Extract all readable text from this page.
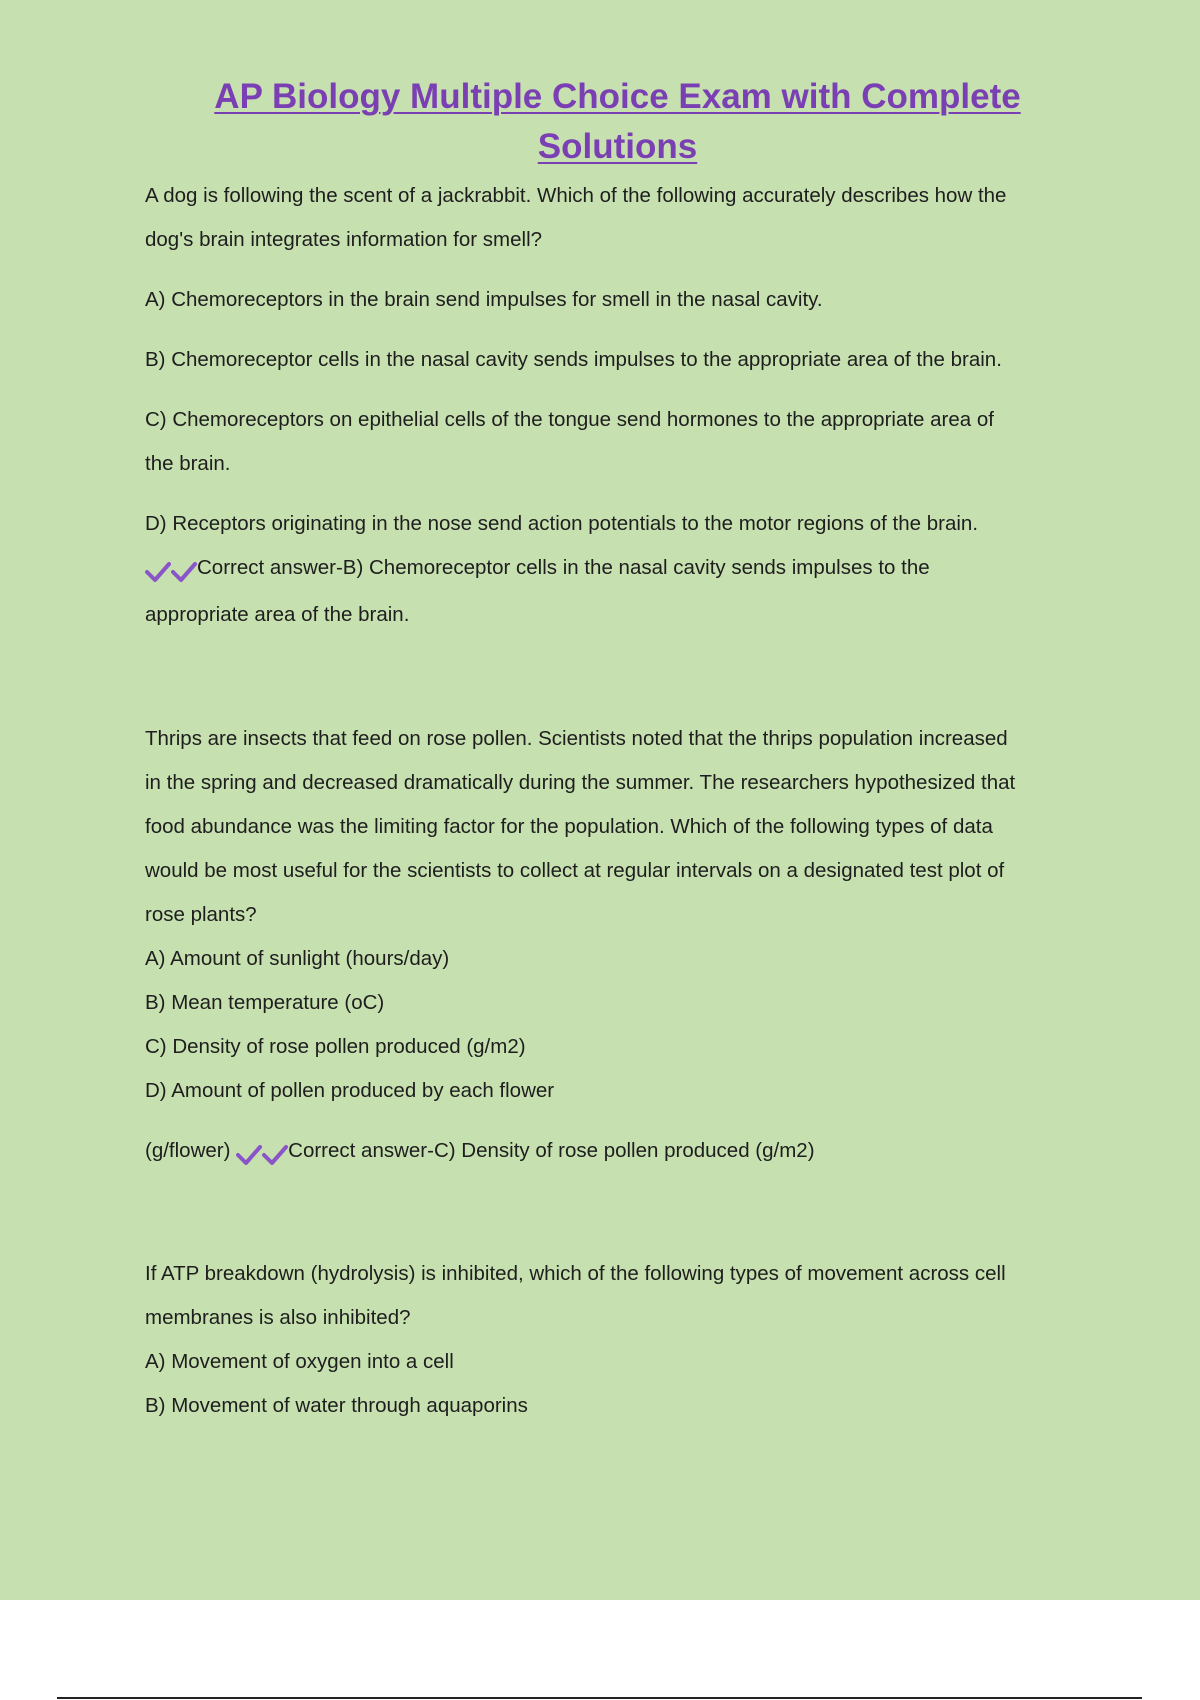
AP Biology Multiple Choice Exam with Complete
Solutions

A dog is following the scent of a jackrabbit. Which of the following accurately describes how the

dog's brain integrates information for smell?

A) Chemoreceptors in the brain send impulses for smell in the nasal cavity.

B) Chemoreceptor cells in the nasal cavity sends impulses to the appropriate area of the brain.

C) Chemoreceptors on epithelial cells of the tongue send hormones to the appropriate area of

the brain.

D) Receptors originating in the nose send action potentials to the motor regions of the brain.

Correct answer-B) Chemoreceptor cells in the nasal cavity sends impulses to the

appropriate area of the brain.

Thrips are insects that feed on rose pollen. Scientists noted that the thrips population increased

in the spring and decreased dramatically during the summer. The researchers hypothesized that

food abundance was the limiting factor for the population. Which of the following types of data

would be most useful for the scientists to collect at regular intervals on a designated test plot of

rose plants?

A) Amount of sunlight (hours/day)

B) Mean temperature (oC)

C) Density of rose pollen produced (g/m2)

D) Amount of pollen produced by each flower

(g/flower)	Correct answer-C) Density of rose pollen produced (g/m2)

If ATP breakdown (hydrolysis) is inhibited, which of the following types of movement across cell

membranes is also inhibited?

A) Movement of oxygen into a cell

B) Movement of water through aquaporins
